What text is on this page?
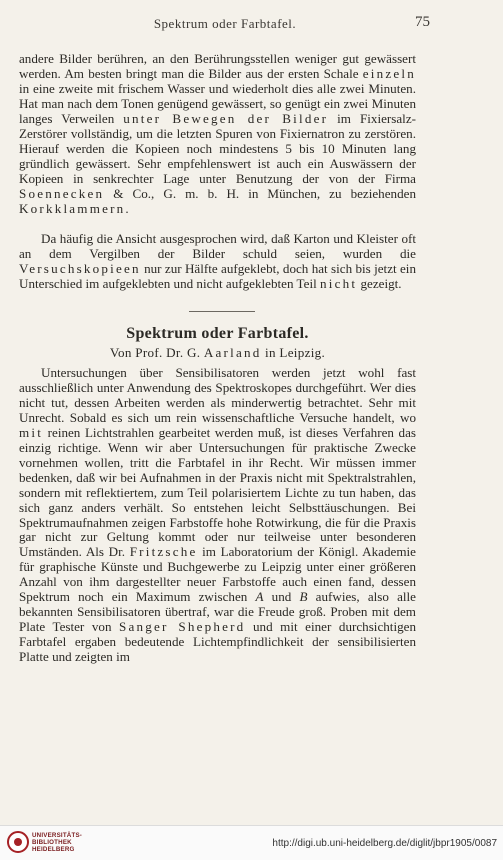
Spektrum oder Farbtafel.	75

andere Bilder berühren, an den Berührungsstellen weniger gut gewässert werden. Am besten bringt man die Bilder aus der ersten Schale einzeln in eine zweite mit frischem Wasser und wiederholt dies alle zwei Minuten. Hat man nach dem Tonen genügend gewässert, so genügt ein zwei Minuten langes Verweilen unter Bewegen der Bilder im Fixiersalz-Zerstörer vollständig, um die letzten Spuren von Fixiernatron zu zerstören. Hierauf werden die Kopieen noch mindestens 5 bis 10 Minuten lang gründlich gewässert. Sehr empfehlenswert ist auch ein Auswässern der Kopieen in senkrechter Lage unter Benutzung der von der Firma Soennecken & Co., G. m. b. H. in München, zu beziehenden Korkklammern.

Da häufig die Ansicht ausgesprochen wird, daß Karton und Kleister oft an dem Vergilben der Bilder schuld seien, wurden die Versuchskopieen nur zur Hälfte aufgeklebt, doch hat sich bis jetzt ein Unterschied im aufgeklebten und nicht aufgeklebten Teil nicht gezeigt.

Spektrum oder Farbtafel.
Von Prof. Dr. G. Aarland in Leipzig.

Untersuchungen über Sensibilisatoren werden jetzt wohl fast ausschließlich unter Anwendung des Spektroskopes durchgeführt. Wer dies nicht tut, dessen Arbeiten werden als minderwertig betrachtet. Sehr mit Unrecht. Sobald es sich um rein wissenschaftliche Versuche handelt, wo mit reinen Lichtstrahlen gearbeitet werden muß, ist dieses Verfahren das einzig richtige. Wenn wir aber Untersuchungen für praktische Zwecke vornehmen wollen, tritt die Farbtafel in ihr Recht. Wir müssen immer bedenken, daß wir bei Aufnahmen in der Praxis nicht mit Spektralstrahlen, sondern mit reflektiertem, zum Teil polarisiertem Lichte zu tun haben, das sich ganz anders verhält. So entstehen leicht Selbsttäuschungen. Bei Spektrumaufnahmen zeigen Farbstoffe hohe Rotwirkung, die für die Praxis gar nicht zur Geltung kommt oder nur teilweise unter besonderen Umständen. Als Dr. Fritzsche im Laboratorium der Königl. Akademie für graphische Künste und Buchgewerbe zu Leipzig unter einer größeren Anzahl von ihm dargestellter neuer Farbstoffe auch einen fand, dessen Spektrum noch ein Maximum zwischen A und B aufwies, also alle bekannten Sensibilisatoren übertraf, war die Freude groß. Proben mit dem Plate Tester von Sanger Shepherd und mit einer durchsichtigen Farbtafel ergaben bedeutende Lichtempfindlichkeit der sensibilisierten Platte und zeigten im

UNIVERSITÄTS-
BIBLIOTHEK
HEIDELBERG
http://digi.ub.uni-heidelberg.de/diglit/jbpr1905/0087
